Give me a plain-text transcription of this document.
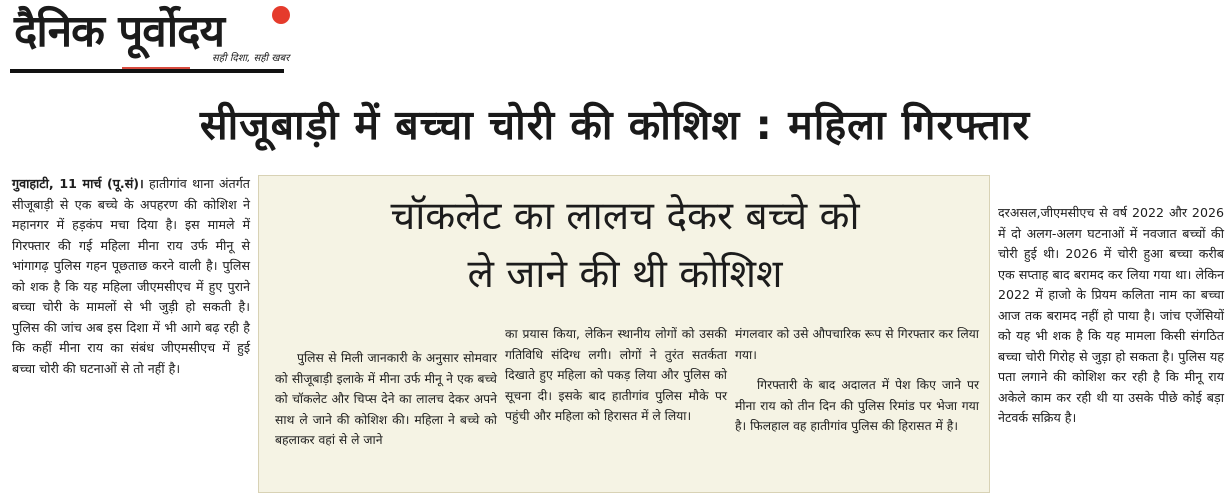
दैनिक पूर्वोदय
सही दिशा, सही खबर
सीजूबाड़ी में बच्चा चोरी की कोशिश : महिला गिरफ्तार

गुवाहाटी, 11 मार्च (पू.सं)। हातीगांव थाना अंतर्गत सीजूबाड़ी से एक बच्चे के अपहरण की कोशिश ने महानगर में हड़कंप मचा दिया है। इस मामले में गिरफ्तार की गई महिला मीना राय उर्फ मीनू से भांगागढ़ पुलिस गहन पूछताछ करने वाली है। पुलिस को शक है कि यह महिला जीएमसीएच में हुए पुराने बच्चा चोरी के मामलों से भी जुड़ी हो सकती है। पुलिस की जांच अब इस दिशा में भी आगे बढ़ रही है कि कहीं मीना राय का संबंध जीएमसीएच में हुई बच्चा चोरी की घटनाओं से तो नहीं है।

चॉकलेट का लालच देकर बच्चे को
ले जाने की थी कोशिश

पुलिस से मिली जानकारी के अनुसार सोमवार को सीजूबाड़ी इलाके में मीना उर्फ मीनू ने एक बच्चे को चॉकलेट और चिप्स देने का लालच देकर अपने साथ ले जाने की कोशिश की। महिला ने बच्चे को बहलाकर वहां से ले जाने

का प्रयास किया, लेकिन स्थानीय लोगों को उसकी गतिविधि संदिग्ध लगी। लोगों ने तुरंत सतर्कता दिखाते हुए महिला को पकड़ लिया और पुलिस को सूचना दी। इसके बाद हातीगांव पुलिस मौके पर पहुंची और महिला को हिरासत में ले लिया।

मंगलवार को उसे औपचारिक रूप से गिरफ्तार कर लिया गया।

गिरफ्तारी के बाद अदालत में पेश किए जाने पर मीना राय को तीन दिन की पुलिस रिमांड पर भेजा गया है। फिलहाल वह हातीगांव पुलिस की हिरासत में है।

दरअसल,जीएमसीएच से वर्ष 2022 और 2026 में दो अलग-अलग घटनाओं में नवजात बच्चों की चोरी हुई थी। 2026 में चोरी हुआ बच्चा करीब एक सप्ताह बाद बरामद कर लिया गया था। लेकिन 2022 में हाजो के प्रियम कलिता नाम का बच्चा आज तक बरामद नहीं हो पाया है। जांच एजेंसियों को यह भी शक है कि यह मामला किसी संगठित बच्चा चोरी गिरोह से जुड़ा हो सकता है। पुलिस यह पता लगाने की कोशिश कर रही है कि मीनू राय अकेले काम कर रही थी या उसके पीछे कोई बड़ा नेटवर्क सक्रिय है।
